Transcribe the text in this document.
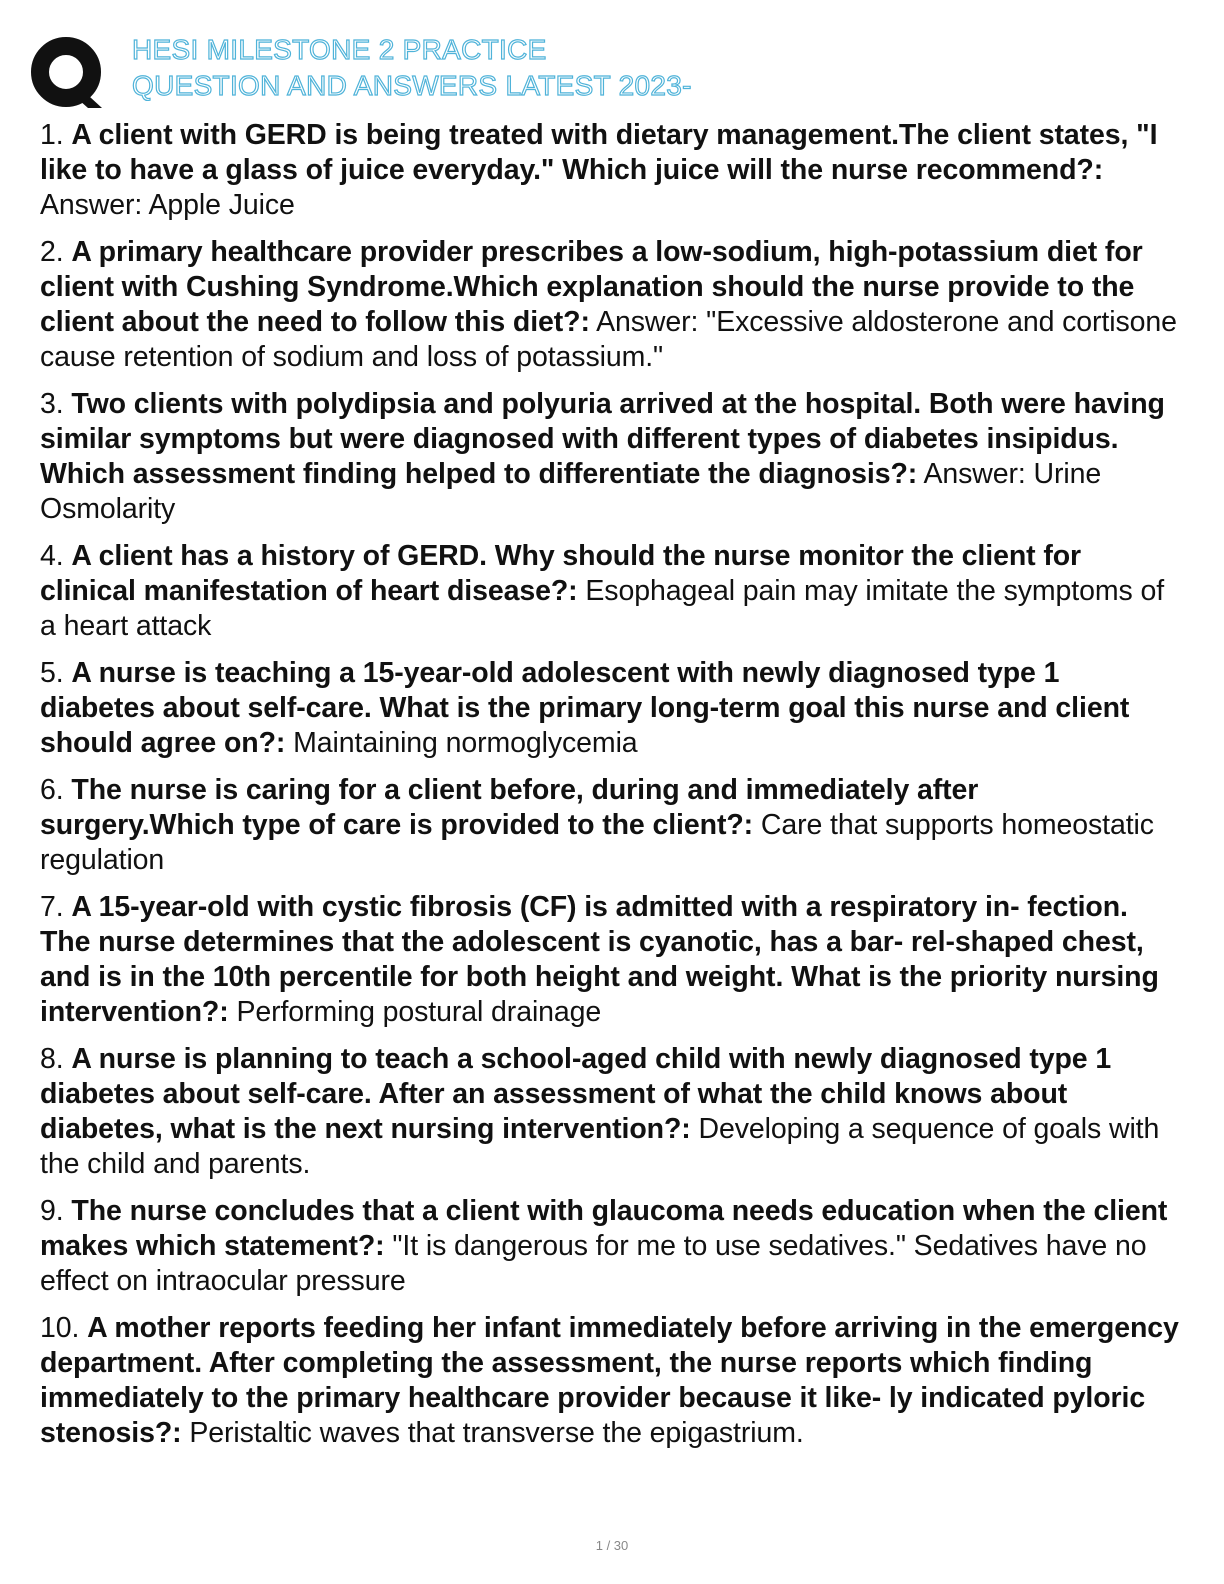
HESI MILESTONE 2 PRACTICE
QUESTION AND ANSWERS LATEST 2023-
1. A client with GERD is being treated with dietary management.The client states, "I like to have a glass of juice everyday." Which juice will the nurse recommend?: Answer: Apple Juice
2. A primary healthcare provider prescribes a low-sodium, high-potassium diet for client with Cushing Syndrome.Which explanation should the nurse provide to the client about the need to follow this diet?: Answer: "Excessive aldosterone and cortisone cause retention of sodium and loss of potassium."
3. Two clients with polydipsia and polyuria arrived at the hospital. Both were having similar symptoms but were diagnosed with different types of diabetes insipidus. Which assessment finding helped to differentiate the diagnosis?: Answer: Urine Osmolarity
4. A client has a history of GERD. Why should the nurse monitor the client for clinical manifestation of heart disease?: Esophageal pain may imitate the symptoms of a heart attack
5. A nurse is teaching a 15-year-old adolescent with newly diagnosed type 1 diabetes about self-care. What is the primary long-term goal this nurse and client should agree on?: Maintaining normoglycemia
6. The nurse is caring for a client before, during and immediately after surgery.Which type of care is provided to the client?: Care that supports homeostatic regulation
7. A 15-year-old with cystic fibrosis (CF) is admitted with a respiratory in- fection. The nurse determines that the adolescent is cyanotic, has a bar- rel-shaped chest, and is in the 10th percentile for both height and weight. What is the priority nursing intervention?: Performing postural drainage
8. A nurse is planning to teach a school-aged child with newly diagnosed type 1 diabetes about self-care. After an assessment of what the child knows about diabetes, what is the next nursing intervention?: Developing a sequence of goals with the child and parents.
9. The nurse concludes that a client with glaucoma needs education when the client makes which statement?: "It is dangerous for me to use sedatives." Sedatives have no effect on intraocular pressure
10. A mother reports feeding her infant immediately before arriving in the emergency department. After completing the assessment, the nurse reports which finding immediately to the primary healthcare provider because it like- ly indicated pyloric stenosis?: Peristaltic waves that transverse the epigastrium.
1 / 30
